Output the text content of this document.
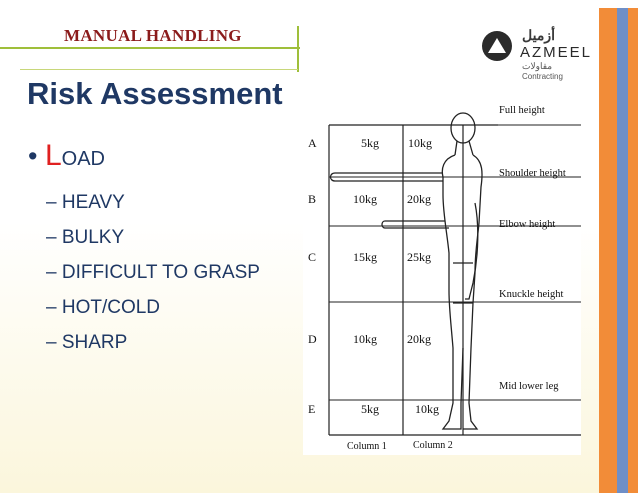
MANUAL HANDLING	أزميل
AZMEEL
مقاولات
Contracting
Risk Assessment
• LOAD
– HEAVY
– BULKY
– DIFFICULT TO GRASP
– HOT/COLD
– SHARP
A	5kg 10kg
B	10kg	20kg
C	15kg	25kg
D	10kg	20kg
E	5kg	10kg
Full height
Shoulder height
Elbow height
Knuckle height
Mid lower leg
Column 1	Column 2
